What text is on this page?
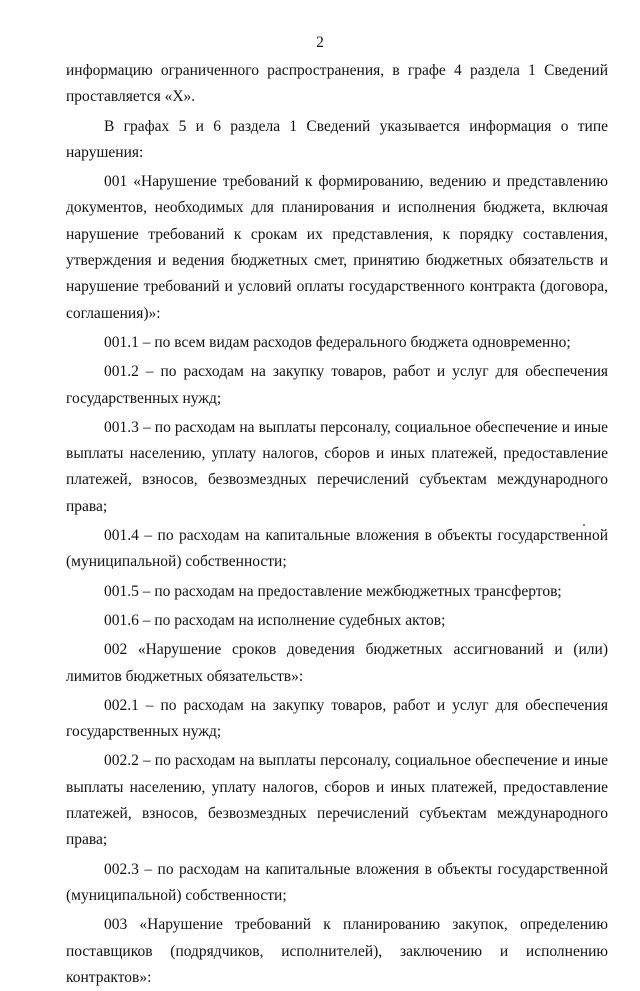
2

информацию ограниченного распространения, в графе 4 раздела 1 Сведений проставляется «Х».

В графах 5 и 6 раздела 1 Сведений указывается информация о типе нарушения:

001 «Нарушение требований к формированию, ведению и представлению документов, необходимых для планирования и исполнения бюджета, включая нарушение требований к срокам их представления, к порядку составления, утверждения и ведения бюджетных смет, принятию бюджетных обязательств и нарушение требований и условий оплаты государственного контракта (договора, соглашения)»:

001.1 – по всем видам расходов федерального бюджета одновременно;

001.2 – по расходам на закупку товаров, работ и услуг для обеспечения государственных нужд;

001.3 – по расходам на выплаты персоналу, социальное обеспечение и иные выплаты населению, уплату налогов, сборов и иных платежей, предоставление платежей, взносов, безвозмездных перечислений субъектам международного права;

001.4 – по расходам на капитальные вложения в объекты государственной (муниципальной) собственности;

001.5 – по расходам на предоставление межбюджетных трансфертов;

001.6 – по расходам на исполнение судебных актов;

002 «Нарушение сроков доведения бюджетных ассигнований и (или) лимитов бюджетных обязательств»:

002.1 – по расходам на закупку товаров, работ и услуг для обеспечения государственных нужд;

002.2 – по расходам на выплаты персоналу, социальное обеспечение и иные выплаты населению, уплату налогов, сборов и иных платежей, предоставление платежей, взносов, безвозмездных перечислений субъектам международного права;

002.3 – по расходам на капитальные вложения в объекты государственной (муниципальной) собственности;

003 «Нарушение требований к планированию закупок, определению поставщиков (подрядчиков, исполнителей), заключению и исполнению контрактов»:
